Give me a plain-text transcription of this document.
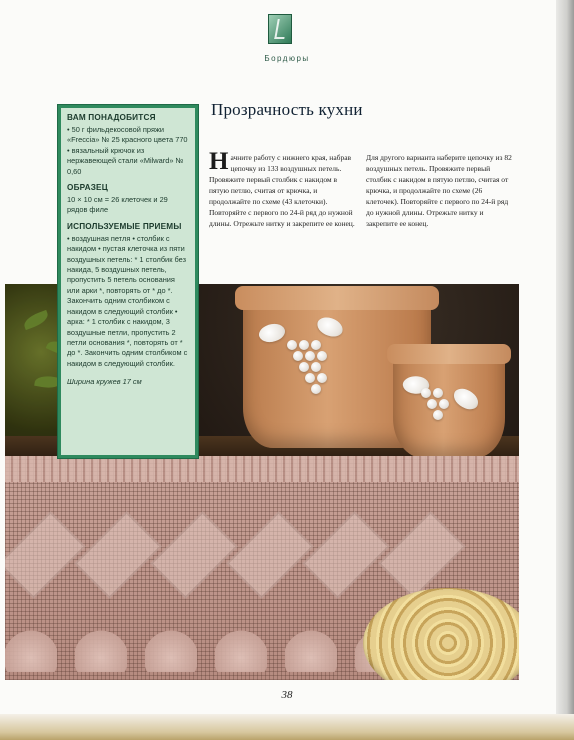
Бордюры
Прозрачность кухни
ВАМ ПОНАДОБИТСЯ
• 50 г фильдекосовой пряжи «Freccia» № 25 красного цвета 770 • вязальный крючок из нержавеющей стали «Milward» № 0,60
ОБРАЗЕЦ
10 × 10 см = 26 клеточек и 29 рядов филе
ИСПОЛЬЗУЕМЫЕ ПРИЕМЫ
• воздушная петля • столбик с накидом • пустая клеточка из пяти воздушных петель: * 1 столбик без накида, 5 воздушных петель, пропустить 5 петель основания или арки *, повторять от * до *. Закончить одним столбиком с накидом в следующий столбик • арка: * 1 столбик с накидом, 3 воздушные петли, пропустить 2 петли основания *, повторять от * до *. Закончить одним столбиком с накидом в следующий столбик.
Ширина кружев 17 см
Н ачните работу с нижнего края, набрав цепочку из 133 воздушных петель. Провяжите первый столбик с накидом в пятую петлю, считая от крючка, и продолжайте по схеме (43 клеточки). Повторяйте с первого по 24-й ряд до нужной длины. Отрежьте нитку и закрепите ее конец.
Для другого варианта наберите цепочку из 82 воздушных петель. Провяжите первый столбик с накидом в пятую петлю, считая от крючка, и продолжайте по схеме (26 клеточек). Повторяйте с первого по 24-й ряд до нужной длины. Отрежьте нитку и закрепите ее конец.
38
